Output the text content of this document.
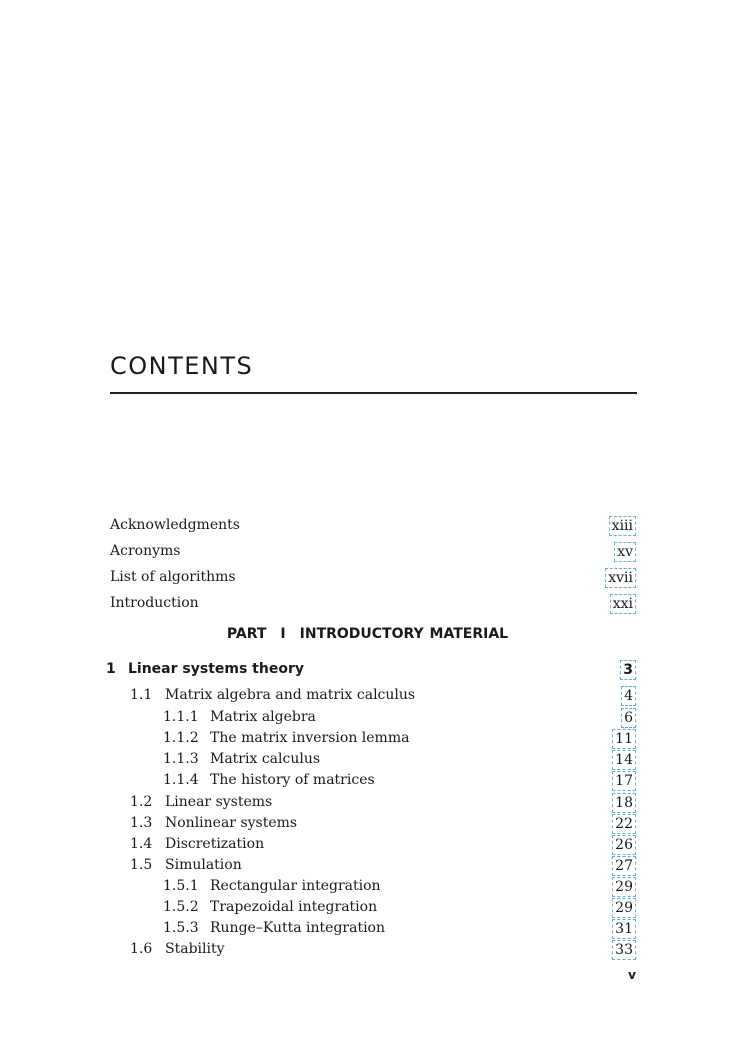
CONTENTS
Acknowledgments	xiii
Acronyms	xv
List of algorithms	xvii
Introduction	xxi
PART I INTRODUCTORY MATERIAL
1 Linear systems theory	3
1.1 Matrix algebra and matrix calculus	4
1.1.1 Matrix algebra	6
1.1.2 The matrix inversion lemma	11
1.1.3 Matrix calculus	14
1.1.4 The history of matrices	17
1.2 Linear systems	18
1.3 Nonlinear systems	22
1.4 Discretization	26
1.5 Simulation	27
1.5.1 Rectangular integration	29
1.5.2 Trapezoidal integration	29
1.5.3 Runge–Kutta integration	31
1.6 Stability	33
v
